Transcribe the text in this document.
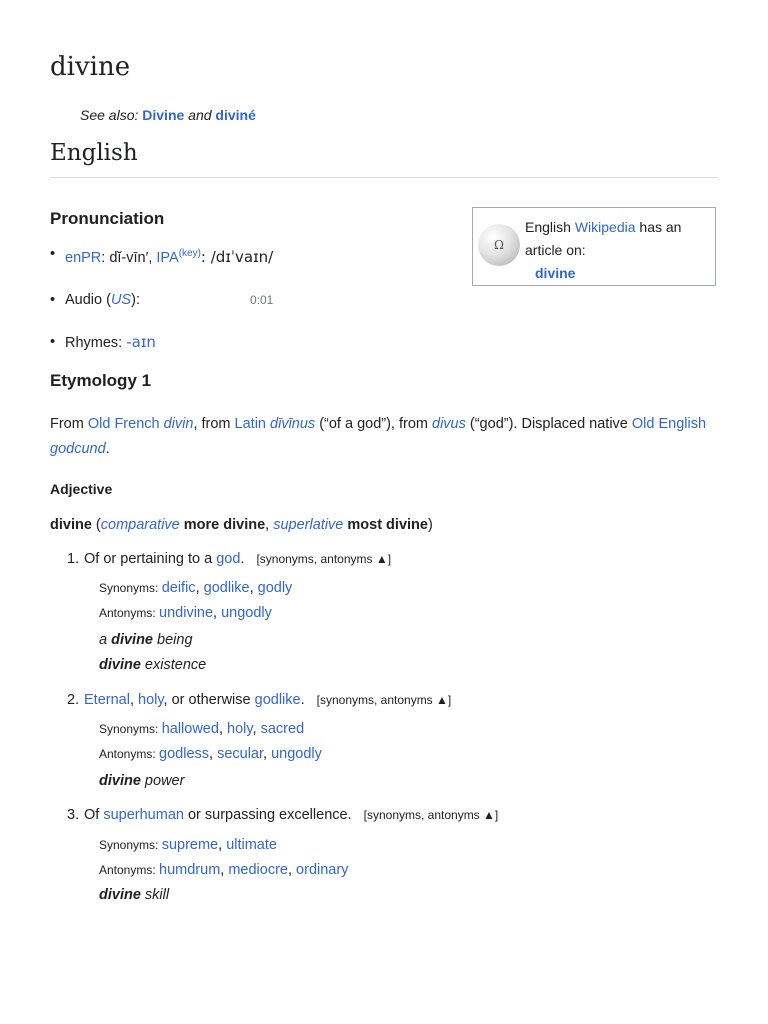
divine
See also: Divine and diviné
English
Pronunciation
Ω
English Wikipedia has an article on:
divine
• enPR: dĭ-vīn′, IPA$^{(key)}$: /dɪˈvaɪn/
• Audio (US):	0:01
• Rhymes: -aɪn
Etymology 1

From Old French divin, from Latin dīvīnus (“of a god”), from divus (“god”). Displaced native Old English godcund.

Adjective

divine (comparative more divine, superlative most divine)

1. Of or pertaining to a god. [synonyms, antonyms ▲]
Synonyms: deific, godlike, godly
Antonyms: undivine, ungodly
a divine being
divine existence
2. Eternal, holy, or otherwise godlike. [synonyms, antonyms ▲]
Synonyms: hallowed, holy, sacred
Antonyms: godless, secular, ungodly
divine power
3. Of superhuman or surpassing excellence. [synonyms, antonyms ▲]
Synonyms: supreme, ultimate
Antonyms: humdrum, mediocre, ordinary
divine skill
